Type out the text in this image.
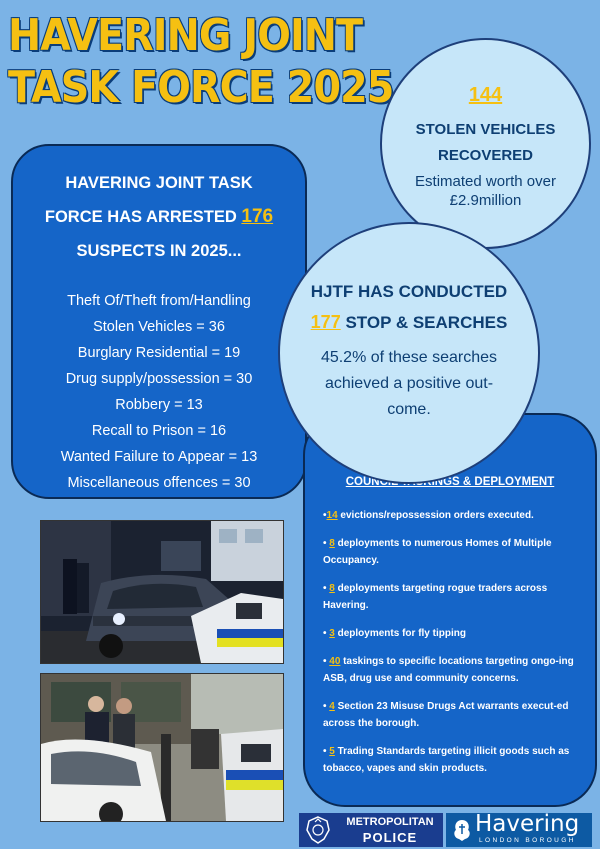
HAVERING JOINT
TASK FORCE 2025	144
STOLEN VEHICLES
RECOVERED
Estimated worth over
£2.9million
HAVERING JOINT TASK
FORCE HAS ARRESTED 176
SUSPECTS IN 2025...
Theft Of/Theft from/Handling
Stolen Vehicles = 36
Burglary Residential = 19
Drug supply/possession = 30
Robbery = 13
Recall to Prison = 16
Wanted Failure to Appear = 13
Miscellaneous offences = 30	COUNCIL TASKINGS & DEPLOYMENT
•14 evictions/repossession orders executed.
• 8 deployments to numerous Homes of Multiple Occupancy.
• 8 deployments targeting rogue traders across Havering.
• 3 deployments for fly tipping
• 40 taskings to specific locations targeting ongo-ing ASB, drug use and community concerns.
• 4 Section 23 Misuse Drugs Act warrants execut-ed across the borough.
• 5 Trading Standards targeting illicit goods such as tobacco, vapes and skin products.
HJTF HAS CONDUCTED
177 STOP & SEARCHES
45.2% of these searches
achieved a positive out-
come.
METROPOLITAN
POLICE
Havering
LONDON BOROUGH
